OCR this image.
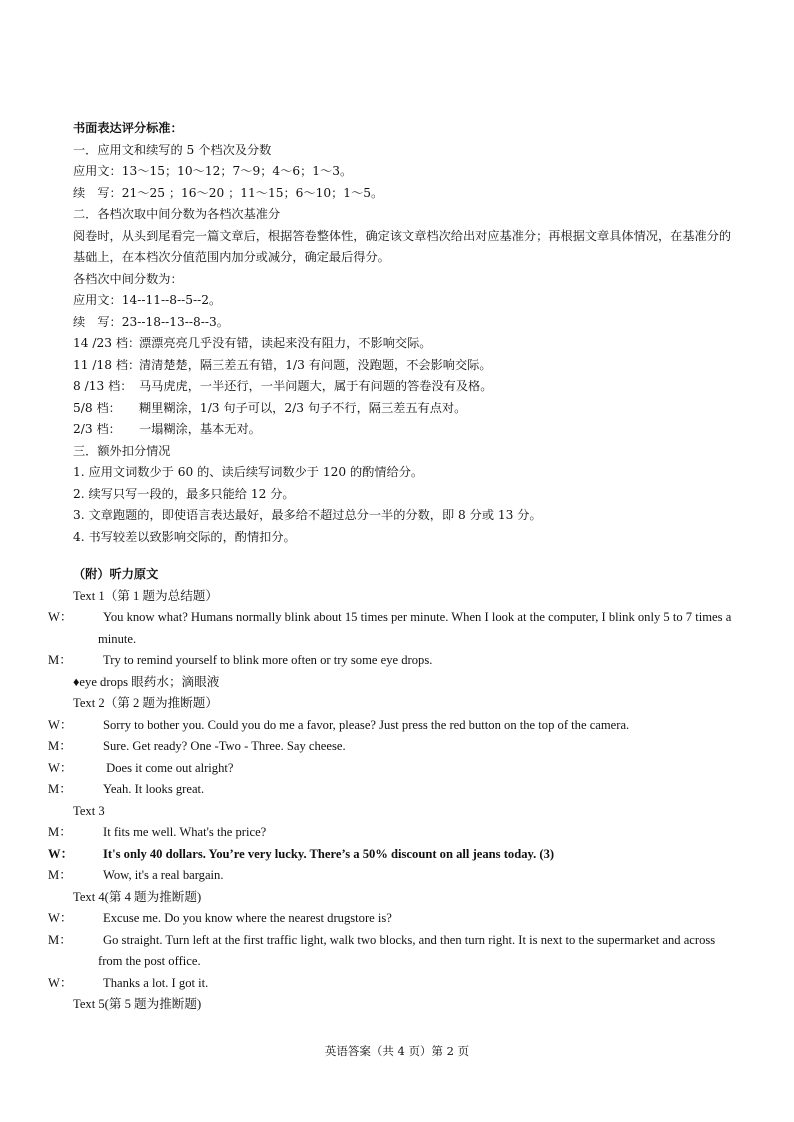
书面表达评分标准：
一．应用文和续写的 5 个档次及分数
应用文：13～15；10～12；7～9；4～6；1～3。
续　写：21～25 ；16～20 ；11～15；6～10；1～5。
二．各档次取中间分数为各档次基准分
阅卷时，从头到尾看完一篇文章后，根据答卷整体性，确定该文章档次给出对应基准分；再根据文章具体情况，在基准分的基础上，在本档次分值范围内加分或减分，确定最后得分。
各档次中间分数为：
应用文：14--11--8--5--2。
续　写：23--18--13--8--3。
14 /23 档：漂漂亮亮几乎没有错，读起来没有阻力，不影响交际。
11 /18 档：清清楚楚，隔三差五有错，1/3 有问题，没跑题，不会影响交际。
8 /13 档： 马马虎虎，一半还行，一半问题大，属于有问题的答卷没有及格。
5/8 档： 糊里糊涂，1/3 句子可以，2/3 句子不行，隔三差五有点对。
2/3 档： 一塌糊涂，基本无对。
三．额外扣分情况
1. 应用文词数少于 60 的、读后续写词数少于 120 的酌情给分。
2. 续写只写一段的，最多只能给 12 分。
3. 文章跑题的，即使语言表达最好，最多给不超过总分一半的分数，即 8 分或 13 分。
4. 书写较差以致影响交际的，酌情扣分。
（附）听力原文
Text 1（第 1 题为总结题）
W： You know what? Humans normally blink about 15 times per minute. When I look at the computer, I blink only 5 to 7 times a minute.
M： Try to remind yourself to blink more often or try some eye drops.
♦eye drops 眼药水；滴眼液
Text 2（第 2 题为推断题）
W： Sorry to bother you. Could you do me a favor, please? Just press the red button on the top of the camera.
M： Sure. Get ready? One -Two - Three. Say cheese.
W： Does it come out alright?
M： Yeah. It looks great.
Text 3
M： It fits me well. What's the price?
W： It's only 40 dollars. You’re very lucky. There’s a 50% discount on all jeans today. (3)
M： Wow, it's a real bargain.
Text 4(第 4 题为推断题)
W： Excuse me. Do you know where the nearest drugstore is?
M： Go straight. Turn left at the first traffic light, walk two blocks, and then turn right. It is next to the supermarket and across from the post office.
W： Thanks a lot. I got it.
Text 5(第 5 题为推断题)
英语答案（共 4 页）第 2 页
